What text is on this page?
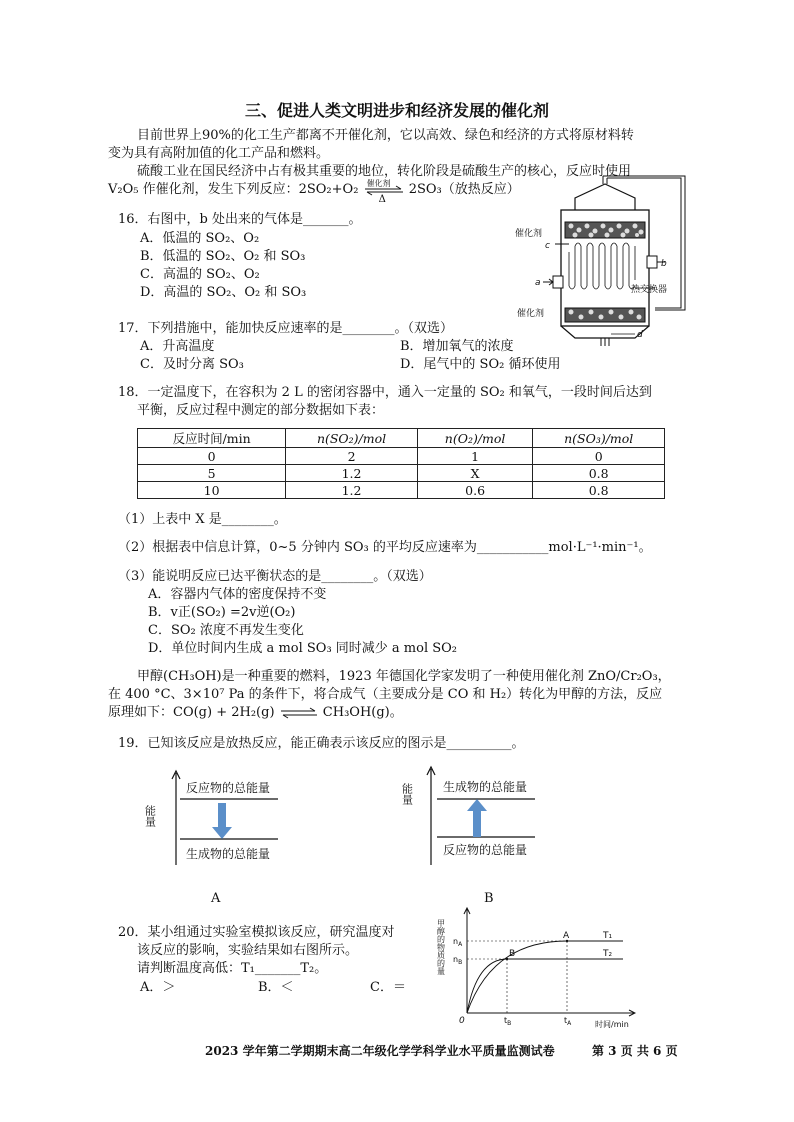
三、促进人类文明进步和经济发展的催化剂
目前世界上90%的化工生产都离不开催化剂，它以高效、绿色和经济的方式将原材料转
变为具有高附加值的化工产品和燃料。
硫酸工业在国民经济中占有极其重要的地位，转化阶段是硫酸生产的核心，反应时使用
V₂O₅ 作催化剂，发生下列反应：2SO₂+O₂ 催化剂
Δ
2SO₃（放热反应）
16．右图中，b 处出来的气体是_______。
A．低温的 SO₂、O₂
B．低温的 SO₂、O₂ 和 SO₃
C．高温的 SO₂、O₂
D．高温的 SO₂、O₂ 和 SO₃
催化剂
c
a
b
热交换器
催化剂
d
17．下列措施中，能加快反应速率的是________。（双选）
A．升高温度	B．增加氧气的浓度
C．及时分离 SO₃	D．尾气中的 SO₂ 循环使用
18．一定温度下，在容积为 2 L 的密闭容器中，通入一定量的 SO₂ 和氧气，一段时间后达到
平衡，反应过程中测定的部分数据如下表：
反应时间/min	n(SO₂)/mol	n(O₂)/mol	n(SO₃)/mol
0	2	1	0
5	1.2	X	0.8
10	1.2	0.6	0.8
（1）上表中 X 是________。
（2）根据表中信息计算，0~5 分钟内 SO₃ 的平均反应速率为___________mol·L⁻¹·min⁻¹。
（3）能说明反应已达平衡状态的是________。（双选）
A．容器内气体的密度保持不变
B．v正(SO₂) =2v逆(O₂)
C．SO₂ 浓度不再发生变化
D．单位时间内生成 a mol SO₃ 同时减少 a mol SO₂
甲醇(CH₃OH)是一种重要的燃料，1923 年德国化学家发明了一种使用催化剂 ZnO/Cr₂O₃，
在 400 °C、3×10⁷ Pa 的条件下，将合成气（主要成分是 CO 和 H₂）转化为甲醇的方法，反应
原理如下：CO(g) + 2H₂(g) ⇌ CH₃OH(g)。
19．已知该反应是放热反应，能正确表示该反应的图示是__________。
能量
反应物的总能量
生成物的总能量
A
能量 生成物的总能量
反应物的总能量
B
20．某小组通过实验室模拟该反应，研究温度对
该反应的影响，实验结果如右图所示。
请判断温度高低：T₁_______T₂。
A．＞	B．＜	C．＝
甲醇的物质的量
0	时间/min
$n_A$
$n_B$
$t_B$	$t_A$
A
B
T₁
T₂
2023 学年第二学期期末高二年级化学学科学业水平质量监测试卷	第 3 页 共 6 页
